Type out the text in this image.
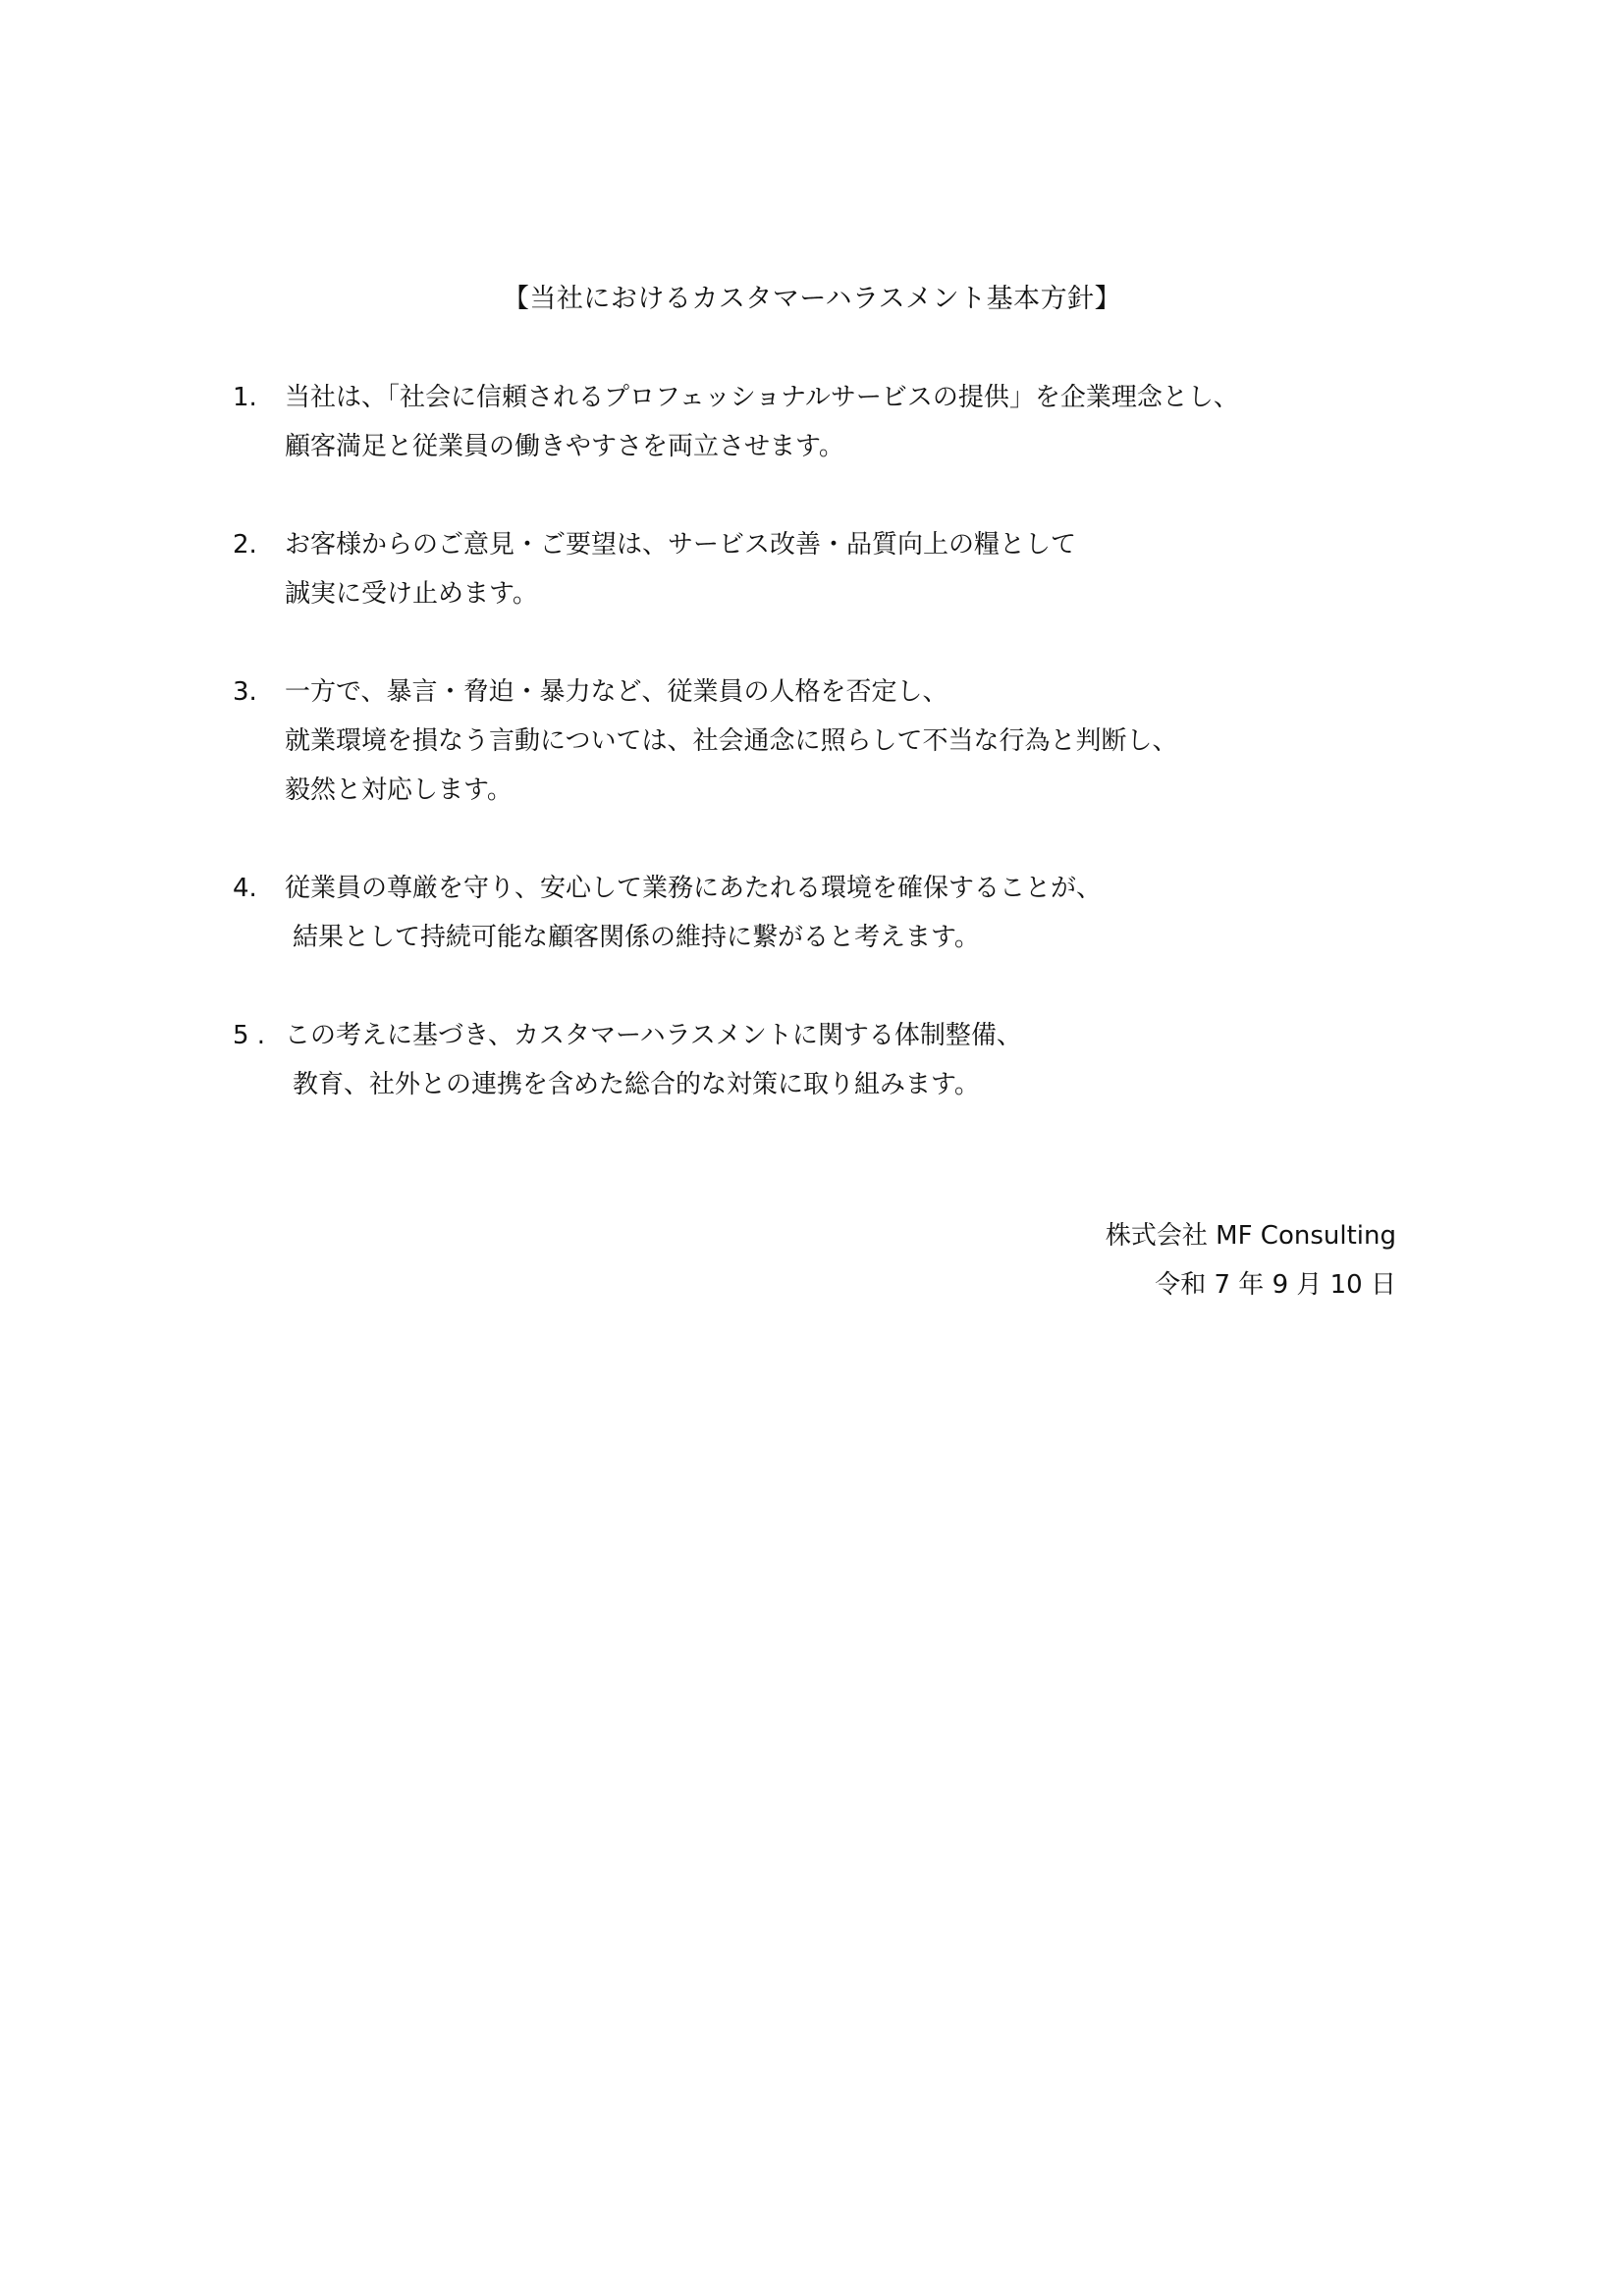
【当社におけるカスタマーハラスメント基本方針】
1. 当社は、「社会に信頼されるプロフェッショナルサービスの提供」を企業理念とし、
顧客満足と従業員の働きやすさを両立させます。
2. お客様からのご意見・ご要望は、サービス改善・品質向上の糧として
誠実に受け止めます。
3. 一方で、暴言・脅迫・暴力など、従業員の人格を否定し、
就業環境を損なう言動については、社会通念に照らして不当な行為と判断し、
毅然と対応します。
4. 従業員の尊厳を守り、安心して業務にあたれる環境を確保することが、
結果として持続可能な顧客関係の維持に繋がると考えます。
5 . この考えに基づき、カスタマーハラスメントに関する体制整備、
教育、社外との連携を含めた総合的な対策に取り組みます。
株式会社 MF Consulting
令和 7 年 9 月 10 日
